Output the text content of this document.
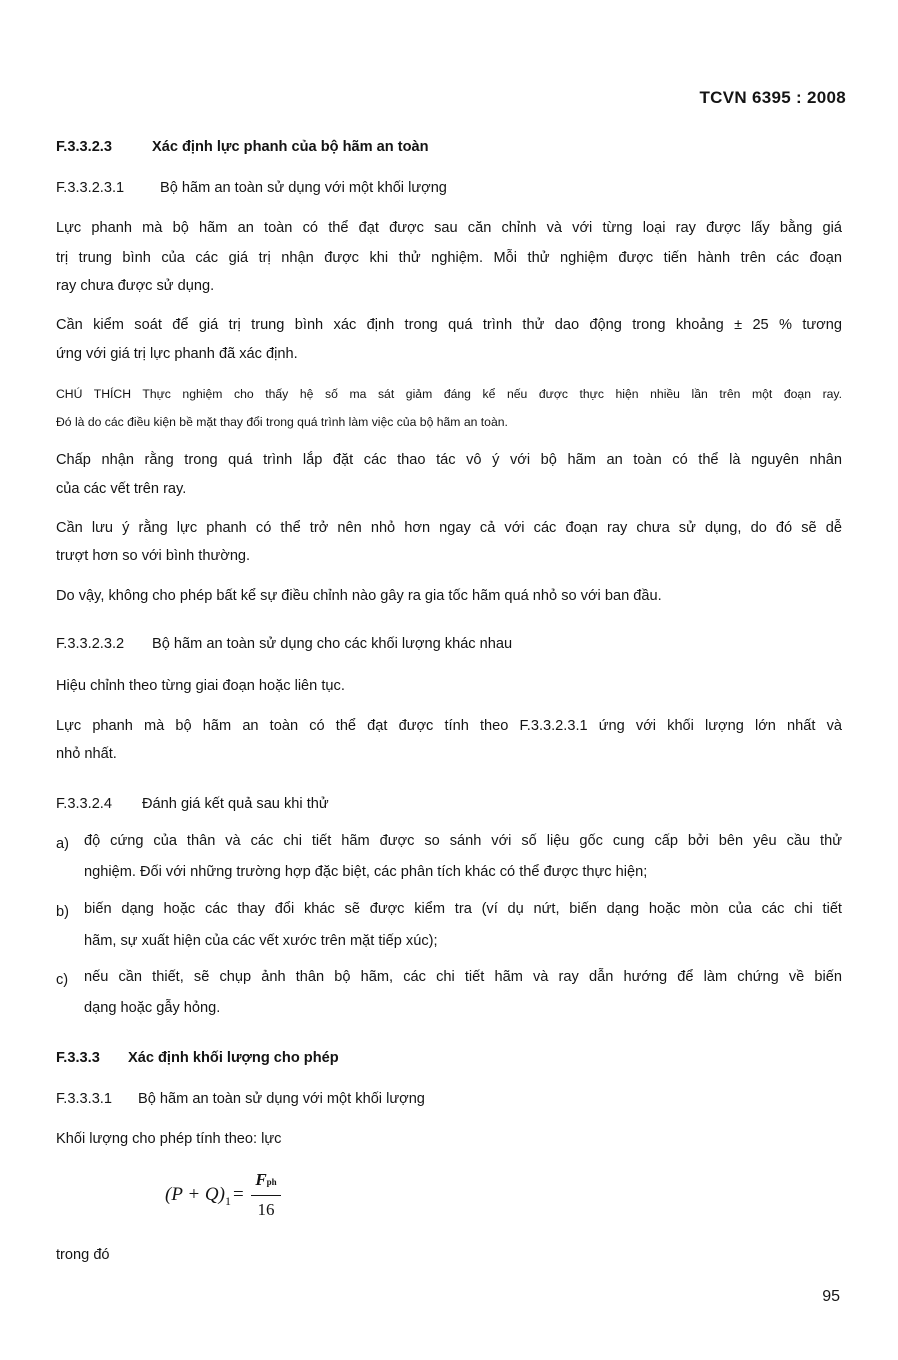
TCVN 6395 : 2008
F.3.3.2.3	Xác định lực phanh của bộ hãm an toàn
F.3.3.2.3.1 Bộ hãm an toàn sử dụng với một khối lượng
Lực phanh mà bộ hãm an toàn có thể đạt được sau căn chỉnh và với từng loại ray được lấy bằng giá
trị trung bình của các giá trị nhận được khi thử nghiệm. Mỗi thử nghiệm được tiến hành trên các đoạn
ray chưa được sử dụng.
Cần kiểm soát để giá trị trung bình xác định trong quá trình thử dao động trong khoảng ± 25 % tương
ứng với giá trị lực phanh đã xác định.
CHÚ THÍCH Thực nghiệm cho thấy hệ số ma sát giảm đáng kể nếu được thực hiện nhiều lần trên một đoạn ray.
Đó là do các điều kiện bề mặt thay đổi trong quá trình làm việc của bộ hãm an toàn.
Chấp nhận rằng trong quá trình lắp đặt các thao tác vô ý với bộ hãm an toàn có thể là nguyên nhân
của các vết trên ray.
Cần lưu ý rằng lực phanh có thể trở nên nhỏ hơn ngay cả với các đoạn ray chưa sử dụng, do đó sẽ dễ
trượt hơn so với bình thường.
Do vậy, không cho phép bất kể sự điều chỉnh nào gây ra gia tốc hãm quá nhỏ so với ban đầu.
F.3.3.2.3.2 Bộ hãm an toàn sử dụng cho các khối lượng khác nhau
Hiệu chỉnh theo từng giai đoạn hoặc liên tục.
Lực phanh mà bộ hãm an toàn có thể đạt được tính theo F.3.3.2.3.1 ứng với khối lượng lớn nhất và
nhỏ nhất.
F.3.3.2.4 Đánh giá kết quả sau khi thử
a) độ cứng của thân và các chi tiết hãm được so sánh với số liệu gốc cung cấp bởi bên yêu cầu thử
nghiệm. Đối với những trường hợp đặc biệt, các phân tích khác có thể được thực hiện;
b) biến dạng hoặc các thay đổi khác sẽ được kiểm tra (ví dụ nứt, biến dạng hoặc mòn của các chi tiết
hãm, sự xuất hiện của các vết xước trên mặt tiếp xúc);
c) nếu cần thiết, sẽ chụp ảnh thân bộ hãm, các chi tiết hãm và ray dẫn hướng để làm chứng về biến
dạng hoặc gẫy hỏng.
F.3.3.3 Xác định khối lượng cho phép
F.3.3.3.1 Bộ hãm an toàn sử dụng với một khối lượng
Khối lượng cho phép tính theo: lực
$(P + Q)_1$ =
Fph
16
trong đó
95
